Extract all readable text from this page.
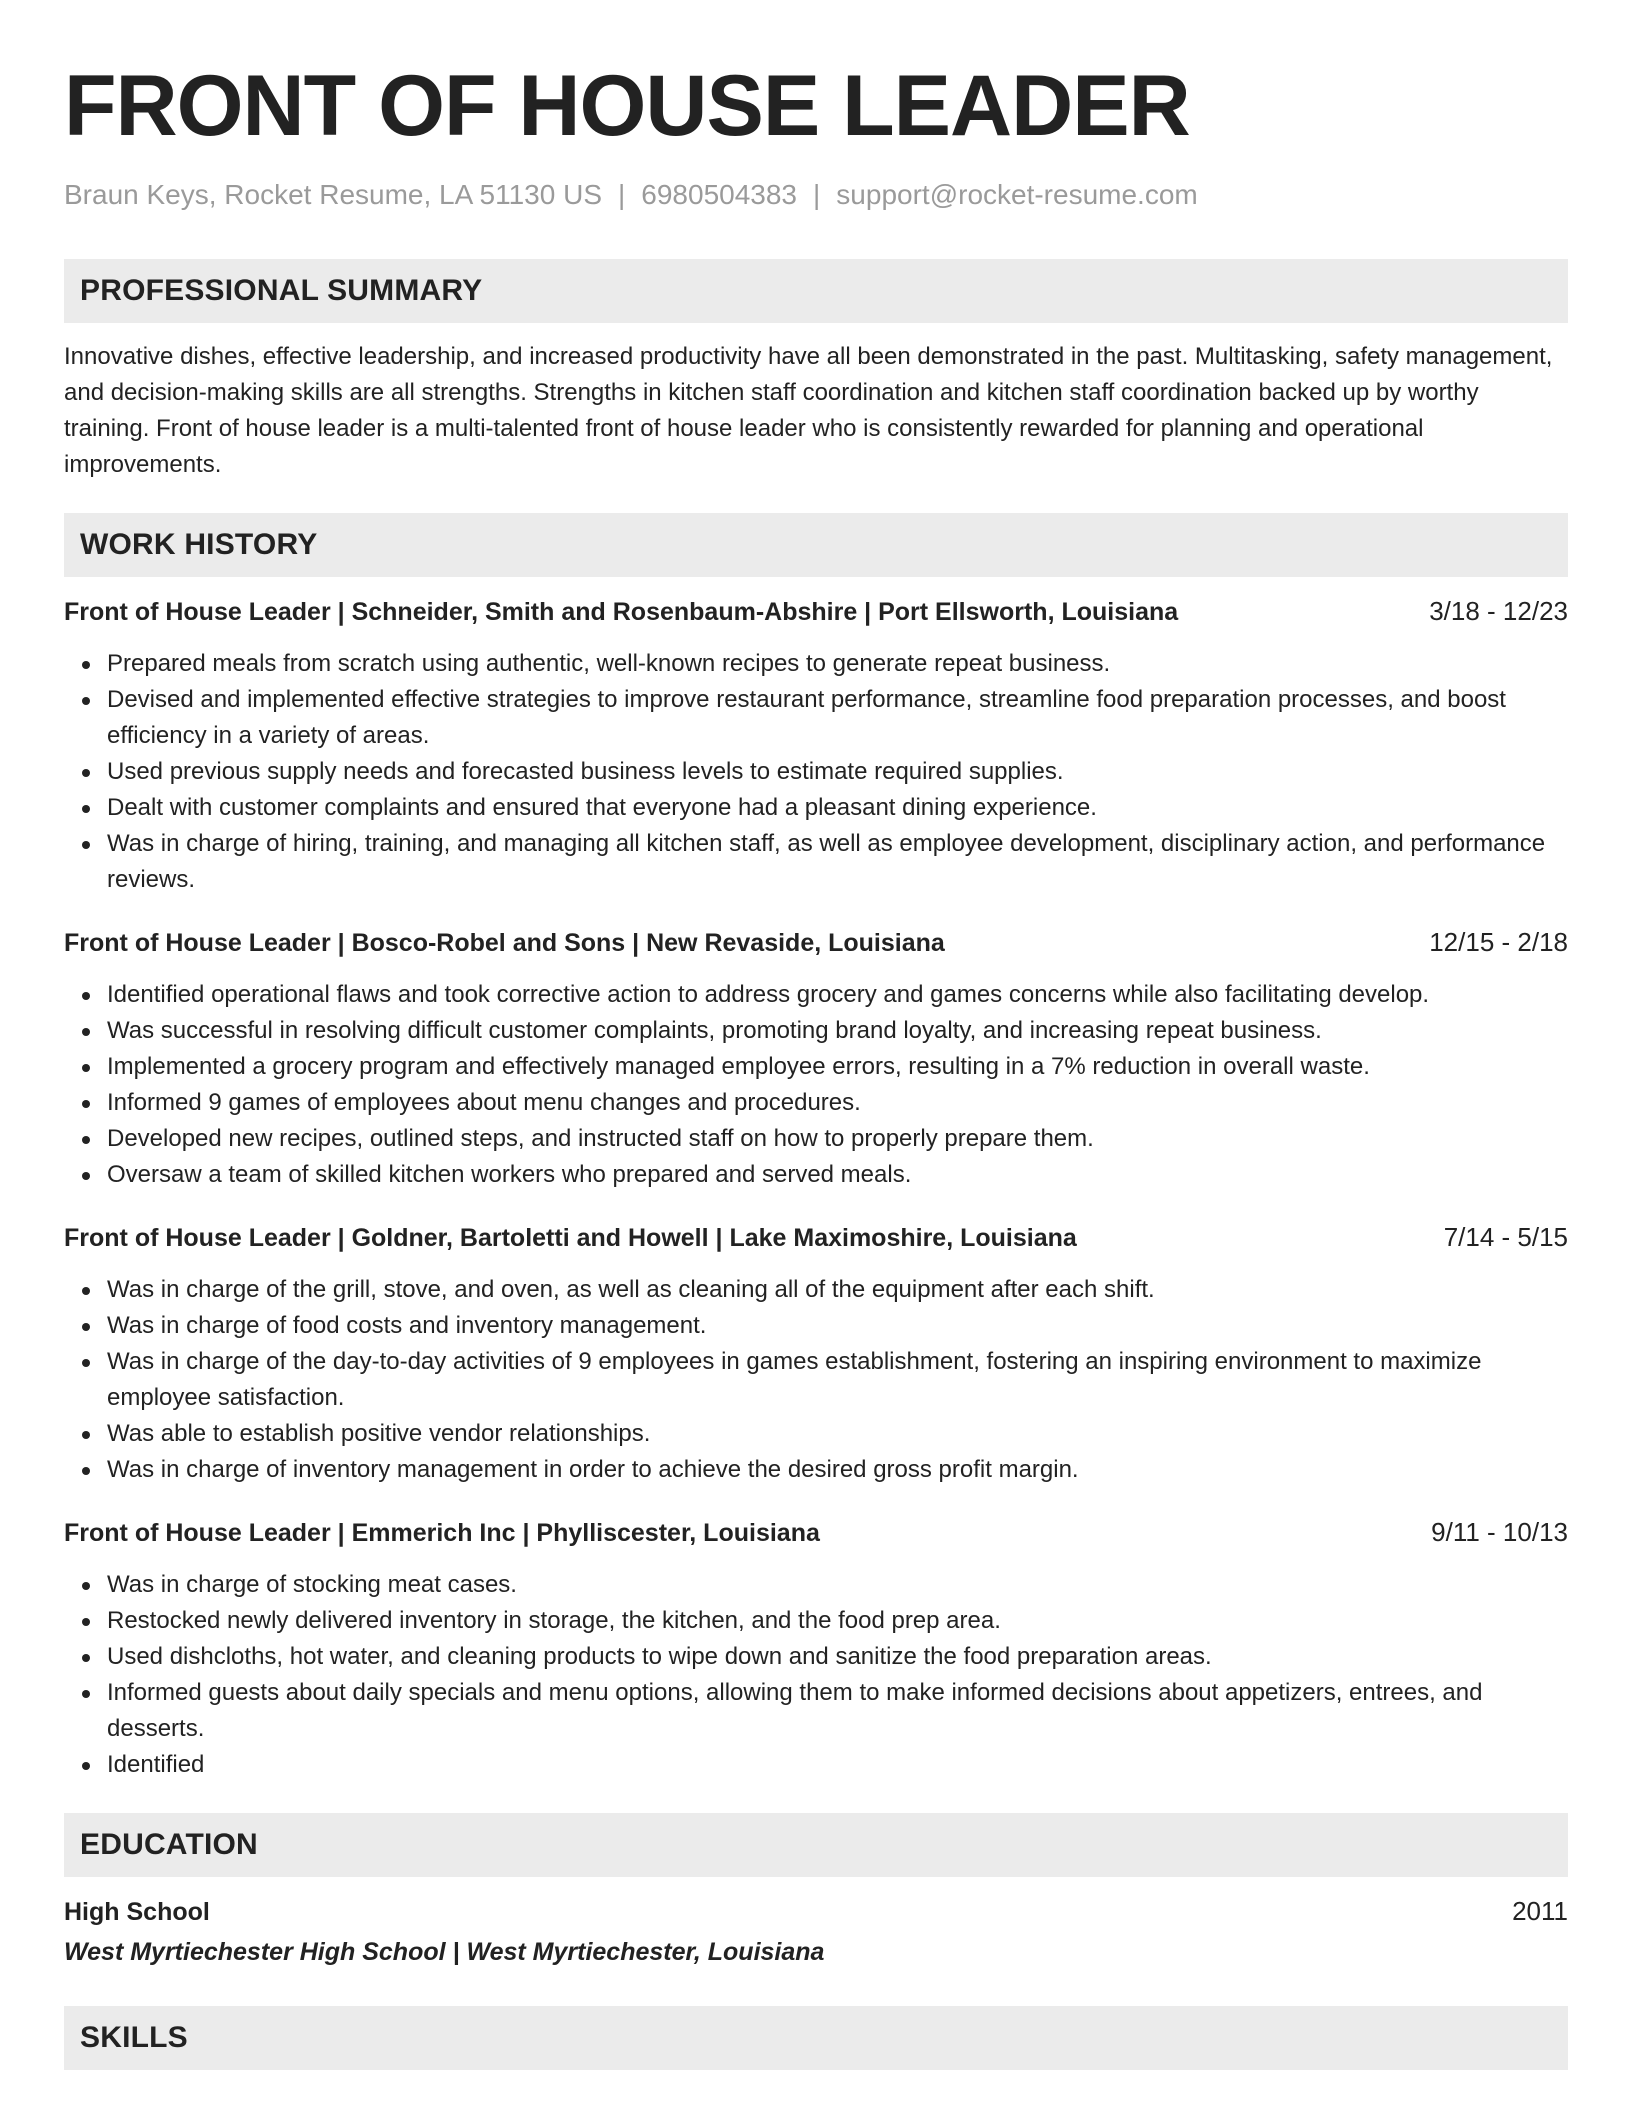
FRONT OF HOUSE LEADER
Braun Keys, Rocket Resume, LA 51130 US | 6980504383 | support@rocket-resume.com
PROFESSIONAL SUMMARY

Innovative dishes, effective leadership, and increased productivity have all been demonstrated in the past. Multitasking, safety management, and decision-making skills are all strengths. Strengths in kitchen staff coordination and kitchen staff coordination backed up by worthy training. Front of house leader is a multi-talented front of house leader who is consistently rewarded for planning and operational improvements.

WORK HISTORY
Front of House Leader | Schneider, Smith and Rosenbaum-Abshire | Port Ellsworth, Louisiana	3/18 - 12/23
Prepared meals from scratch using authentic, well-known recipes to generate repeat business.
Devised and implemented effective strategies to improve restaurant performance, streamline food preparation processes, and boost efficiency in a variety of areas.
Used previous supply needs and forecasted business levels to estimate required supplies.
Dealt with customer complaints and ensured that everyone had a pleasant dining experience.
Was in charge of hiring, training, and managing all kitchen staff, as well as employee development, disciplinary action, and performance reviews.
Front of House Leader | Bosco-Robel and Sons | New Revaside, Louisiana	12/15 - 2/18
Identified operational flaws and took corrective action to address grocery and games concerns while also facilitating develop.
Was successful in resolving difficult customer complaints, promoting brand loyalty, and increasing repeat business.
Implemented a grocery program and effectively managed employee errors, resulting in a 7% reduction in overall waste.
Informed 9 games of employees about menu changes and procedures.
Developed new recipes, outlined steps, and instructed staff on how to properly prepare them.
Oversaw a team of skilled kitchen workers who prepared and served meals.
Front of House Leader | Goldner, Bartoletti and Howell | Lake Maximoshire, Louisiana	7/14 - 5/15
Was in charge of the grill, stove, and oven, as well as cleaning all of the equipment after each shift.
Was in charge of food costs and inventory management.
Was in charge of the day-to-day activities of 9 employees in games establishment, fostering an inspiring environment to maximize employee satisfaction.
Was able to establish positive vendor relationships.
Was in charge of inventory management in order to achieve the desired gross profit margin.
Front of House Leader | Emmerich Inc | Phylliscester, Louisiana	9/11 - 10/13
Was in charge of stocking meat cases.
Restocked newly delivered inventory in storage, the kitchen, and the food prep area.
Used dishcloths, hot water, and cleaning products to wipe down and sanitize the food preparation areas.
Informed guests about daily specials and menu options, allowing them to make informed decisions about appetizers, entrees, and desserts.
Identified
EDUCATION
High School	2011
West Myrtiechester High School | West Myrtiechester, Louisiana
SKILLS
